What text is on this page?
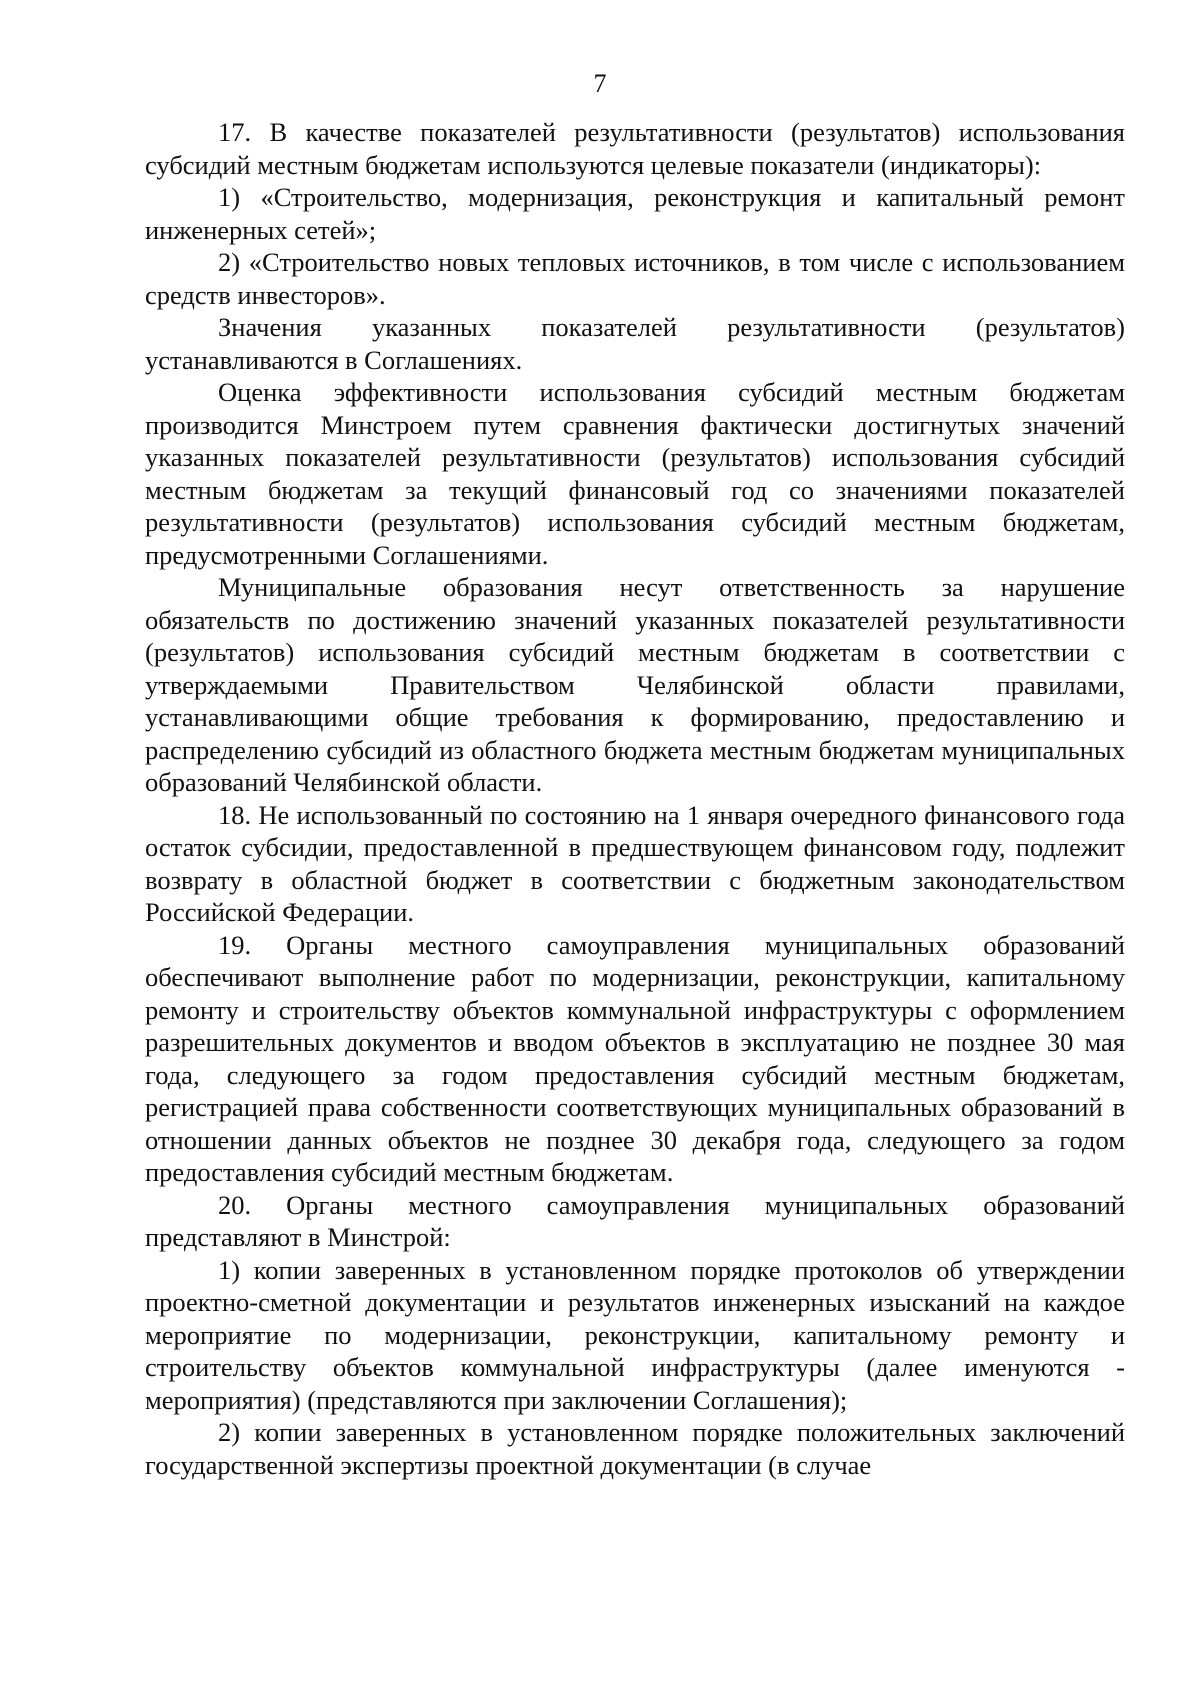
7

17. В качестве показателей результативности (результатов) использования субсидий местным бюджетам используются целевые показатели (индикаторы):

1) «Строительство, модернизация, реконструкция и капитальный ремонт инженерных сетей»;

2) «Строительство новых тепловых источников, в том числе с использованием средств инвесторов».

Значения указанных показателей результативности (результатов) устанавливаются в Соглашениях.

Оценка эффективности использования субсидий местным бюджетам производится Минстроем путем сравнения фактически достигнутых значений указанных показателей результативности (результатов) использования субсидий местным бюджетам за текущий финансовый год со значениями показателей результативности (результатов) использования субсидий местным бюджетам, предусмотренными Соглашениями.

Муниципальные образования несут ответственность за нарушение обязательств по достижению значений указанных показателей результативности (результатов) использования субсидий местным бюджетам в соответствии с утверждаемыми Правительством Челябинской области правилами, устанавливающими общие требования к формированию, предоставлению и распределению субсидий из областного бюджета местным бюджетам муниципальных образований Челябинской области.

18. Не использованный по состоянию на 1 января очередного финансового года остаток субсидии, предоставленной в предшествующем финансовом году, подлежит возврату в областной бюджет в соответствии с бюджетным законодательством Российской Федерации.

19. Органы местного самоуправления муниципальных образований обеспечивают выполнение работ по модернизации, реконструкции, капитальному ремонту и строительству объектов коммунальной инфраструктуры с оформлением разрешительных документов и вводом объектов в эксплуатацию не позднее 30 мая года, следующего за годом предоставления субсидий местным бюджетам, регистрацией права собственности соответствующих муниципальных образований в отношении данных объектов не позднее 30 декабря года, следующего за годом предоставления субсидий местным бюджетам.

20. Органы местного самоуправления муниципальных образований представляют в Минстрой:

1) копии заверенных в установленном порядке протоколов об утверждении проектно-сметной документации и результатов инженерных изысканий на каждое мероприятие по модернизации, реконструкции, капитальному ремонту и строительству объектов коммунальной инфраструктуры (далее именуются - мероприятия) (представляются при заключении Соглашения);

2) копии заверенных в установленном порядке положительных заключений государственной экспертизы проектной документации (в случае
